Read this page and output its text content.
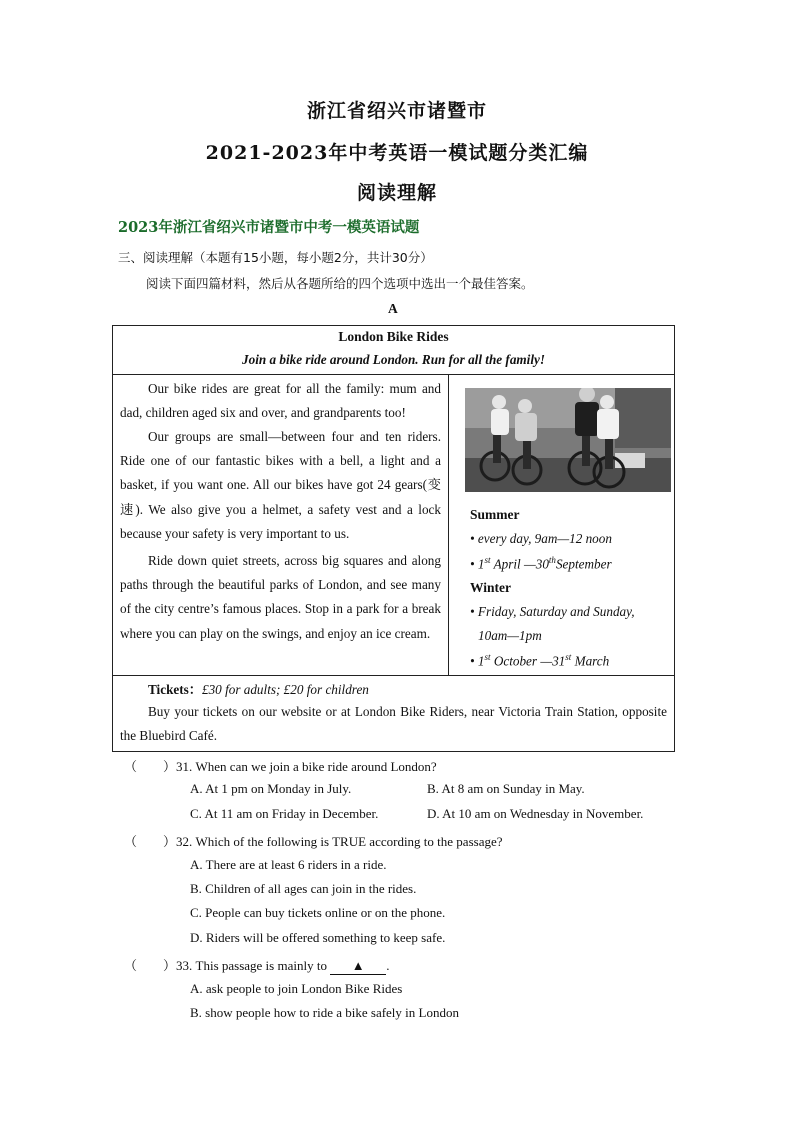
浙江省绍兴市诸暨市
2021-2023年中考英语一模试题分类汇编
阅读理解
2023年浙江省绍兴市诸暨市中考一模英语试题
三、阅读理解（本题有15小题，每小题2分，共计30分）
阅读下面四篇材料，然后从各题所给的四个选项中选出一个最佳答案。
A
London Bike Rides
Join a bike ride around London. Run for all the family!
Our bike rides are great for all the family: mum and dad, children aged six and over, and grandparents too!
Our groups are small—between four and ten riders. Ride one of our fantastic bikes with a bell, a light and a basket, if you want one. All our bikes have got 24 gears(变速). We also give you a helmet, a safety vest and a lock because your safety is very important to us.
Ride down quiet streets, across big squares and along paths through the beautiful parks of London, and see many of the city centre’s famous places. Stop in a park for a break where you can play on the swings, and enjoy an ice cream.
Summer
• every day, 9am—12 noon
• 1st April —30thSeptember
Winter
• Friday, Saturday and Sunday,
10am—1pm
• 1st October —31st March
Tickets：£30 for adults; £20 for children
Buy your tickets on our website or at London Bike Riders, near Victoria Train Station, opposite the Bluebird Café.
（　　）31. When can we join a bike ride around London?
A. At 1 pm on Monday in July.	B. At 8 am on Sunday in May.
C. At 11 am on Friday in December.	D. At 10 am on Wednesday in November.
（　　）32. Which of the following is TRUE according to the passage?
A. There are at least 6 riders in a ride.
B. Children of all ages can join in the rides.
C. People can buy tickets online or on the phone.
D. Riders will be offered something to keep safe.
（　　）33. This passage is mainly to ▲ .
A. ask people to join London Bike Rides
B. show people how to ride a bike safely in London
